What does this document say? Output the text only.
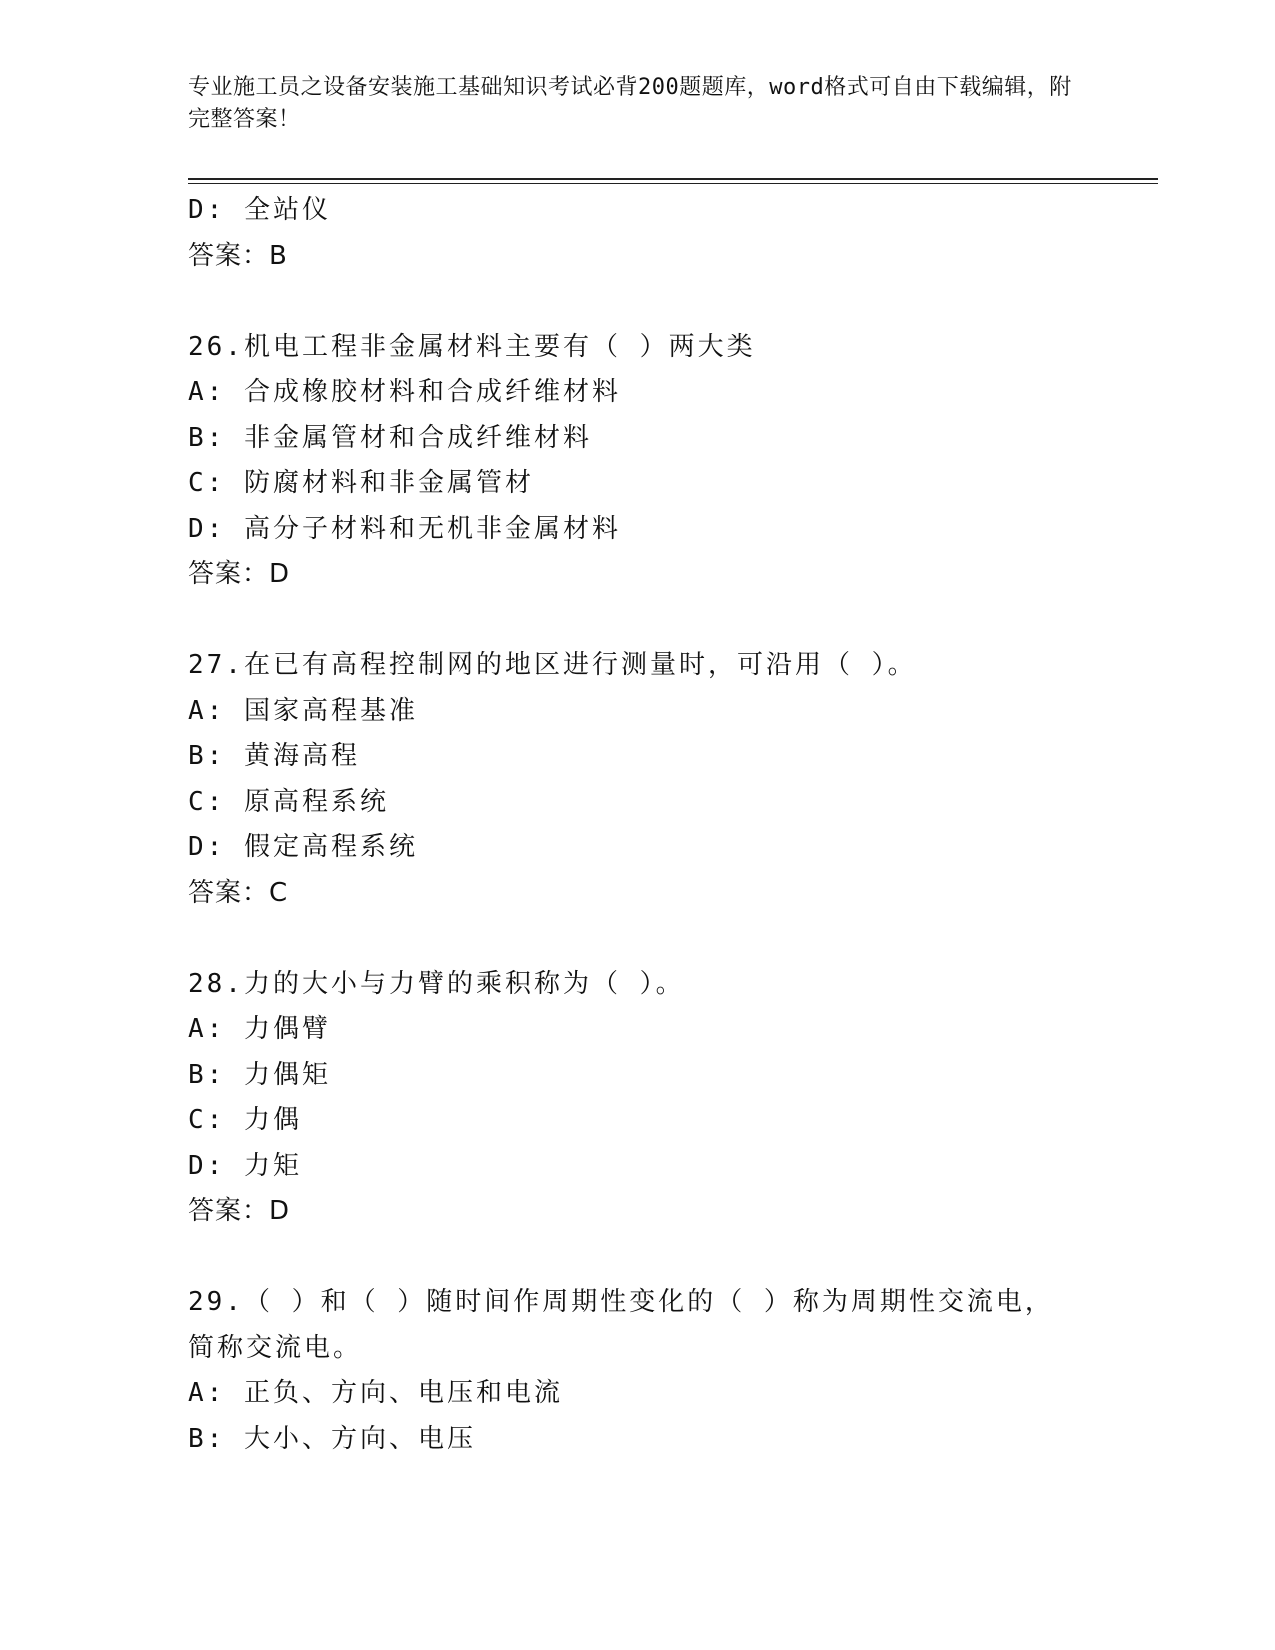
专业施工员之设备安装施工基础知识考试必背200题题库，word格式可自由下载编辑，附完整答案！
D: 全站仪
答案：B
26.机电工程非金属材料主要有（ ）两大类
A: 合成橡胶材料和合成纤维材料
B: 非金属管材和合成纤维材料
C: 防腐材料和非金属管材
D: 高分子材料和无机非金属材料
答案：D
27.在已有高程控制网的地区进行测量时，可沿用（ ）。
A: 国家高程基准
B: 黄海高程
C: 原高程系统
D: 假定高程系统
答案：C
28.力的大小与力臂的乘积称为（ ）。
A: 力偶臂
B: 力偶矩
C: 力偶
D: 力矩
答案：D
29.（ ）和（ ）随时间作周期性变化的（ ）称为周期性交流电，简称交流电。
A: 正负、方向、电压和电流
B: 大小、方向、电压
